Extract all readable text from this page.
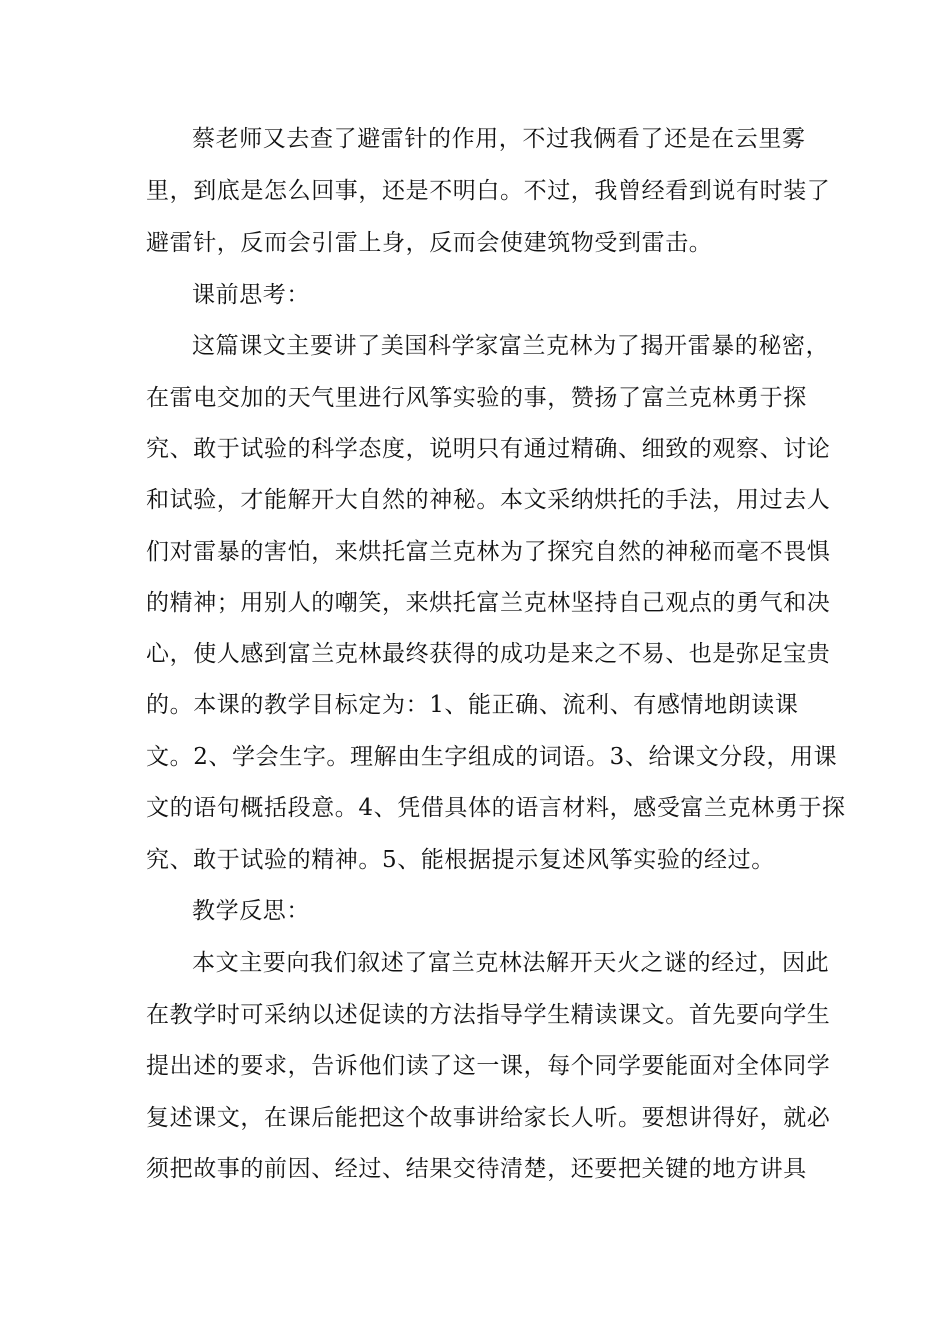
蔡老师又去查了避雷针的作用，不过我俩看了还是在云里雾
里，到底是怎么回事，还是不明白。不过，我曾经看到说有时装了
避雷针，反而会引雷上身，反而会使建筑物受到雷击。
课前思考：
这篇课文主要讲了美国科学家富兰克林为了揭开雷暴的秘密，
在雷电交加的天气里进行风筝实验的事，赞扬了富兰克林勇于探
究、敢于试验的科学态度，说明只有通过精确、细致的观察、讨论
和试验，才能解开大自然的神秘。本文采纳烘托的手法，用过去人
们对雷暴的害怕，来烘托富兰克林为了探究自然的神秘而毫不畏惧
的精神；用别人的嘲笑，来烘托富兰克林坚持自己观点的勇气和决
心，使人感到富兰克林最终获得的成功是来之不易、也是弥足宝贵
的。本课的教学目标定为：1、能正确、流利、有感情地朗读课
文。2、学会生字。理解由生字组成的词语。3、给课文分段，用课
文的语句概括段意。4、凭借具体的语言材料，感受富兰克林勇于探
究、敢于试验的精神。5、能根据提示复述风筝实验的经过。
教学反思：
本文主要向我们叙述了富兰克林法解开天火之谜的经过，因此
在教学时可采纳以述促读的方法指导学生精读课文。首先要向学生
提出述的要求，告诉他们读了这一课，每个同学要能面对全体同学
复述课文，在课后能把这个故事讲给家长人听。要想讲得好，就必
须把故事的前因、经过、结果交待清楚，还要把关键的地方讲具
